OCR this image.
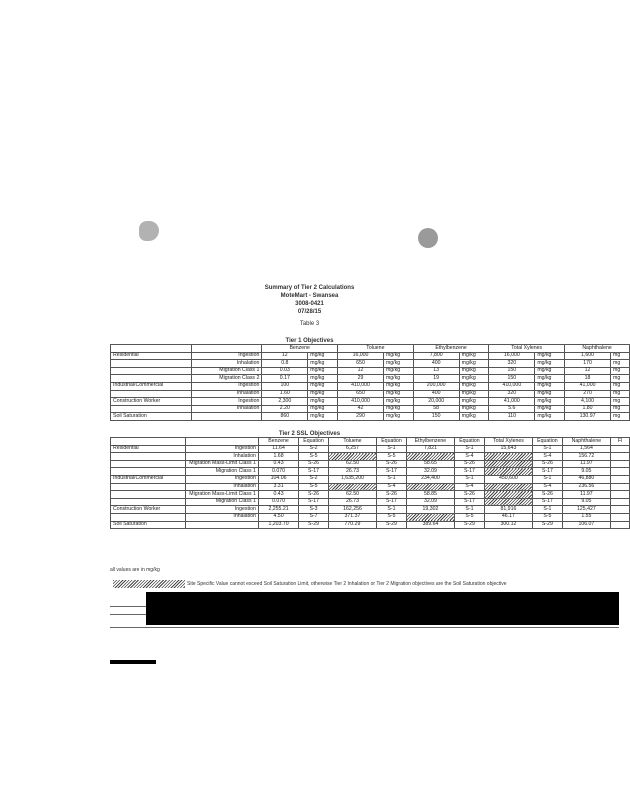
Summary of Tier 2 Calculations
MoteMart - Swansea
3008-0421
07/28/15
Table 3
Tier 1 Objectives
		Benzene		Toluene		Ethylbenzene		Total Xylenes		Naphthalene	
Residential	Ingestion	12	mg/kg	16,000	mg/kg	7,800	mg/kg	16,000	mg/kg	1,600	mg
	Inhalation	0.8	mg/kg	650	mg/kg	400	mg/kg	320	mg/kg	170	mg
	Migration Class 1	0.03	mg/kg	12	mg/kg	13	mg/kg	150	mg/kg	12	mg
	Migration Class 2	0.17	mg/kg	29	mg/kg	19	mg/kg	150	mg/kg	18	mg
Industrial/Commercial	Ingestion	100	mg/kg	410,000	mg/kg	200,000	mg/kg	410,000	mg/kg	41,000	mg
	Inhalation	1.60	mg/kg	650	mg/kg	400	mg/kg	320	mg/kg	270	mg
Construction Worker	Ingestion	2,300	mg/kg	410,000	mg/kg	20,000	mg/kg	41,000	mg/kg	4,100	mg
	Inhalation	2.20	mg/kg	42	mg/kg	58	mg/kg	5.6	mg/kg	1.80	mg
Soil Saturation		860	mg/kg	290	mg/kg	150	mg/kg	110	mg/kg	130.97	mg
Tier 2 SSL Objectives
		Benzene	Equation	Toluene	Equation	Ethylbenzene	Equation	Total Xylenes	Equation	Naphthalene	Fl
Residential	Ingestion	11.64	S-2	6,257	S-1	7,821	S-1	15,643	S-1	1,564	
	Inhalation	1.68	S-5		S-5		S-4		S-4	156.72	
	Migration Mass-Limit Class 1	0.43	S-26	62.50	S-26	58.65	S-26		S-26	11.97	
	Migration Class 1	0.070	S-17	26.73	S-17	32.09	S-17		S-17	9.05	
Industrial/Commercial	Ingestion	104.06	S-2	1,635,200	S-1	234,400	S-1	450,600	S-1	46,880	
	Inhalation	3.31	S-5		S-4		S-4		S-4	236.56	
	Migration Mass-Limit Class 1	0.43	S-26	62.50	S-26	58.85	S-26		S-26	11.97	
	Migration Class 1	0.070	S-17	26.73	S-17	32.09	S-17		S-17	9.05	
Construction Worker	Ingestion	2,255.21	S-3	162,256	S-1	19,302	S-1	81,916	S-1	125,427	
	Inhalation	4.50	S-7	371.37	S-5		S-5	46.17	S-5	1.55	
Soil Saturation		1,203.70	S-29	770.29	S-29	389.64	S-29	300.12	S-29	106.07	
all values are in mg/kg
Site Specific Value cannot exceed Soil Saturation Limit, otherwise Tier 2 Inhalation or Tier 2 Migration objectives are the Soil Saturation objective
